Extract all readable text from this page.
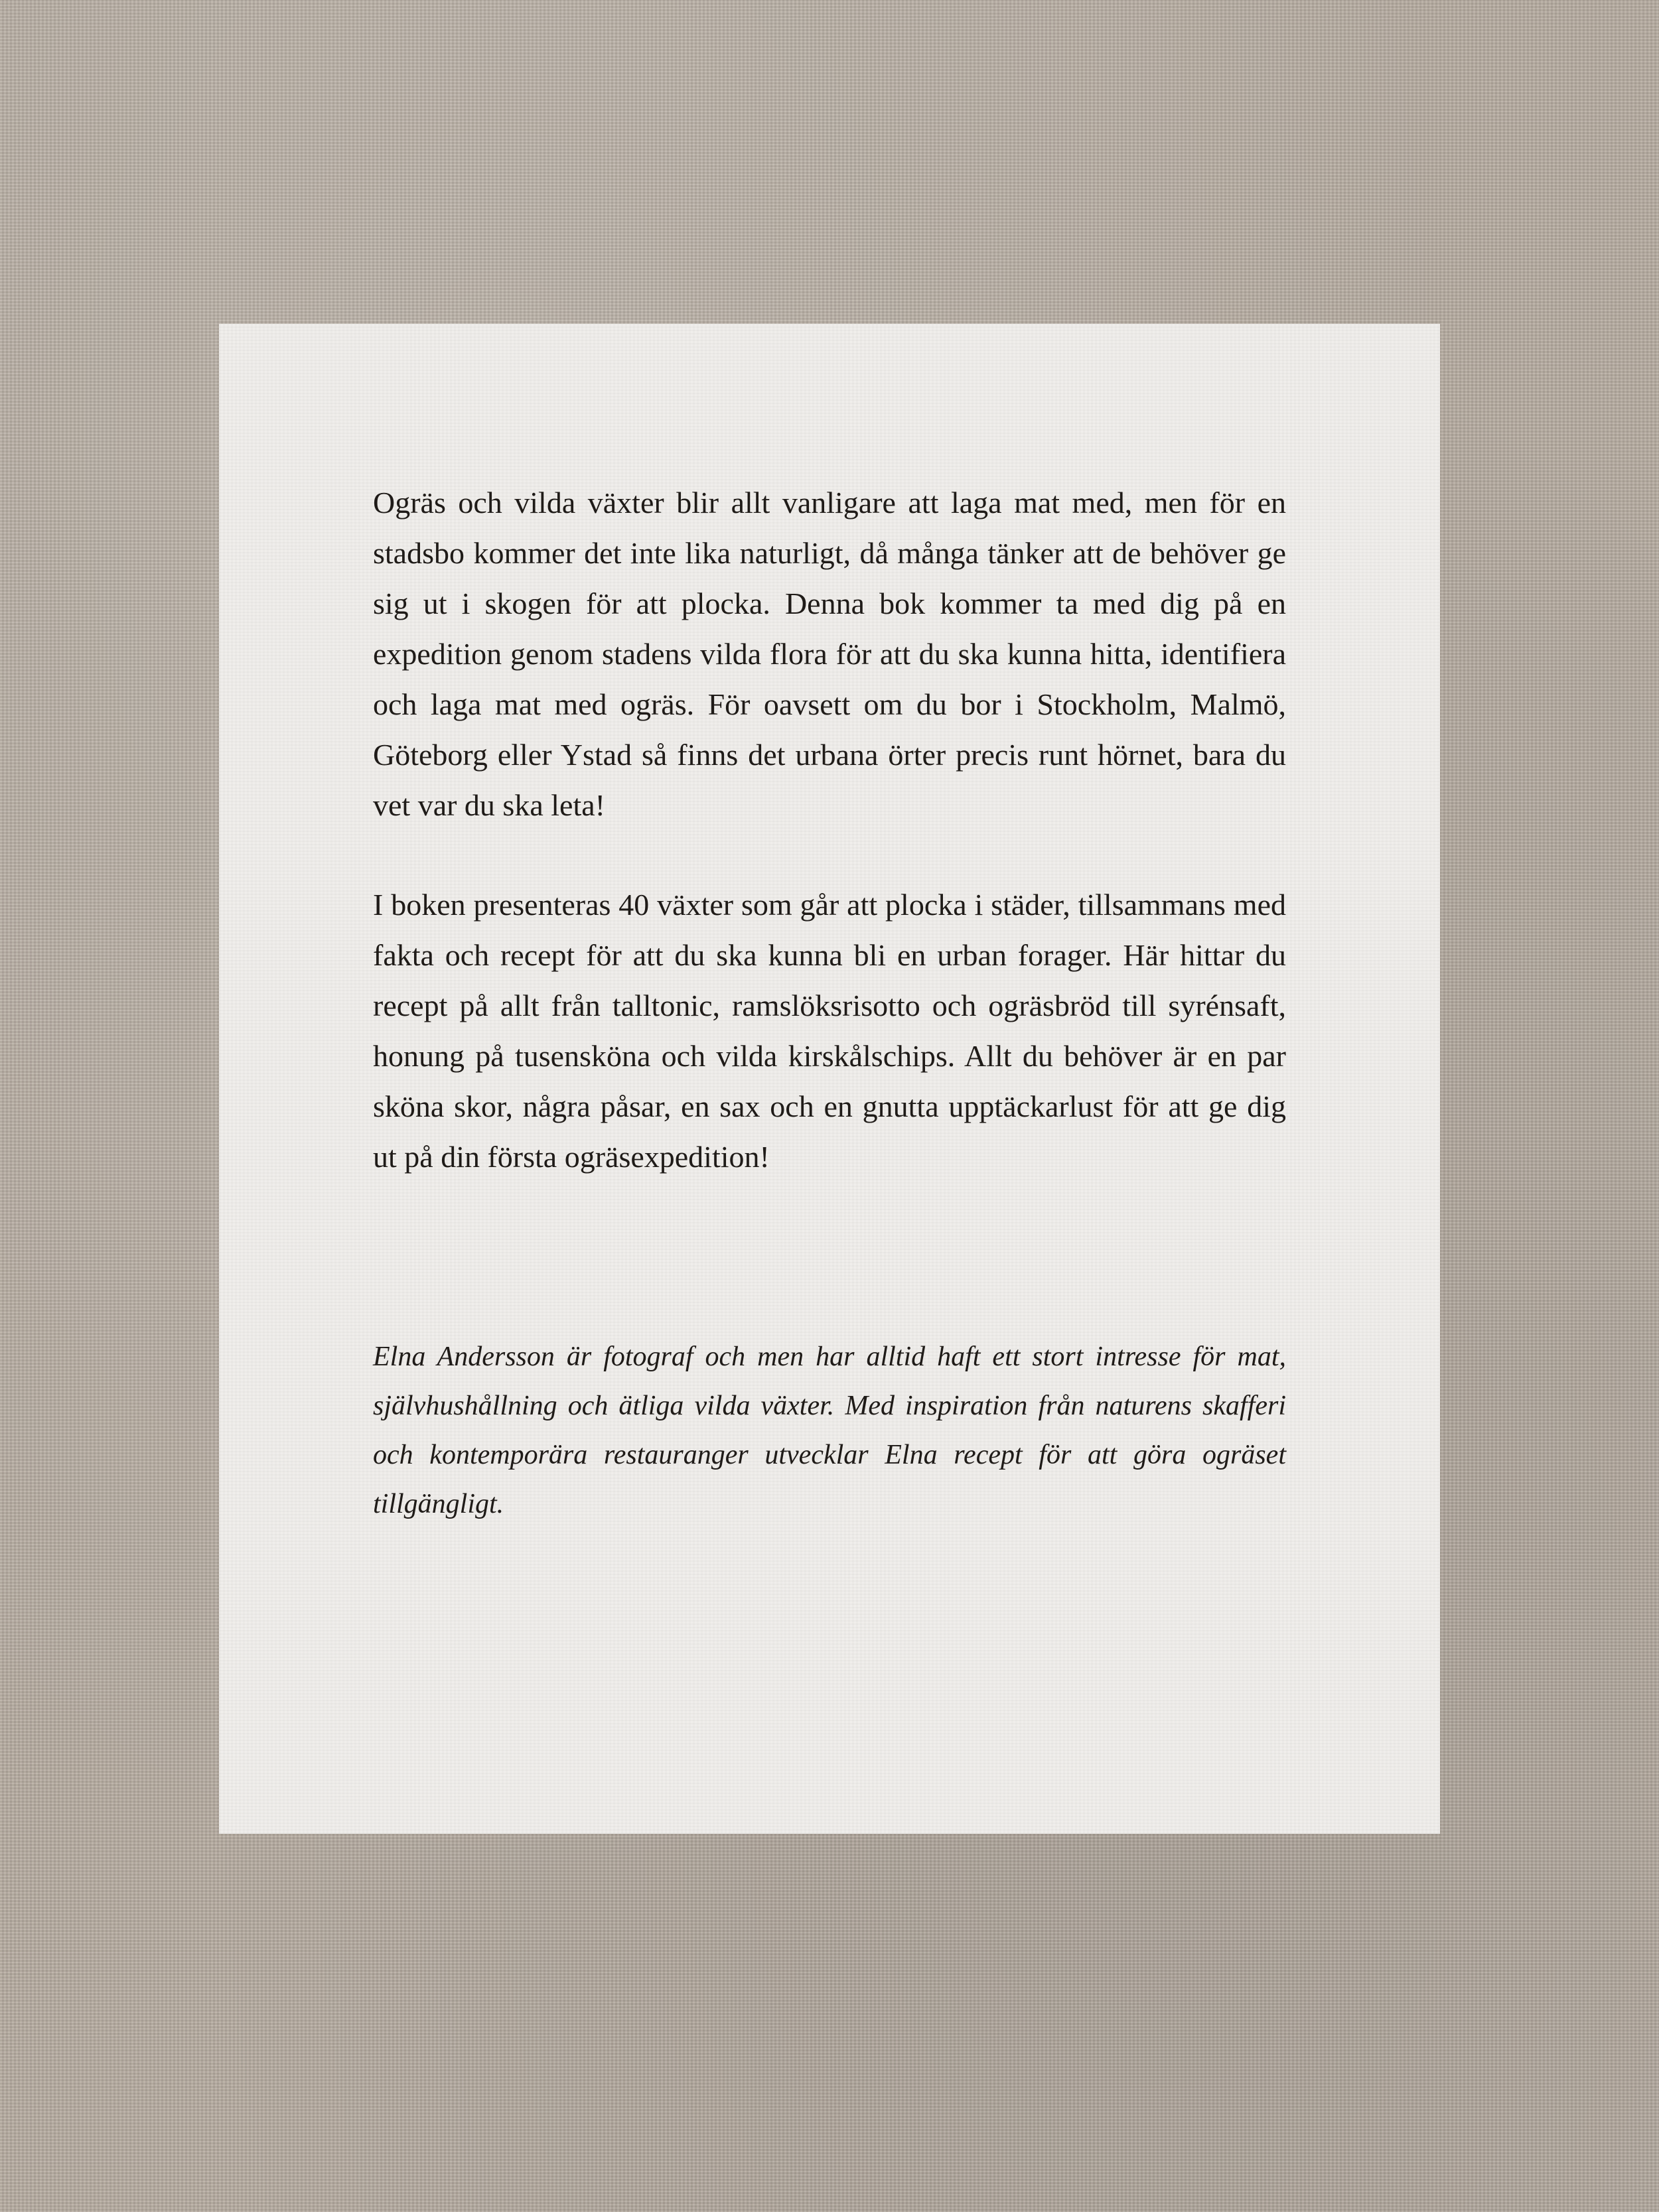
Ogräs och vilda växter blir allt vanligare att laga mat med, men för en stadsbo kommer det inte lika naturligt, då många tänker att de behöver ge sig ut i skogen för att plocka. Denna bok kommer ta med dig på en expedition genom stadens vilda flora för att du ska kunna hitta, identifiera och laga mat med ogräs. För oavsett om du bor i Stockholm, Malmö, Göteborg eller Ystad så finns det urbana örter precis runt hörnet, bara du vet var du ska leta!

I boken presenteras 40 växter som går att plocka i städer, tillsammans med fakta och recept för att du ska kunna bli en urban forager. Här hittar du recept på allt från talltonic, ramslöksrisotto och ogräsbröd till syrénsaft, honung på tusensköna och vilda kirskålschips. Allt du behöver är en par sköna skor, några påsar, en sax och en gnutta upptäckarlust för att ge dig ut på din första ogräsexpedition!

Elna Andersson är fotograf och men har alltid haft ett stort intresse för mat, självhushållning och ätliga vilda växter. Med inspiration från naturens skafferi och kontemporära restauranger utvecklar Elna recept för att göra ogräset tillgängligt.
